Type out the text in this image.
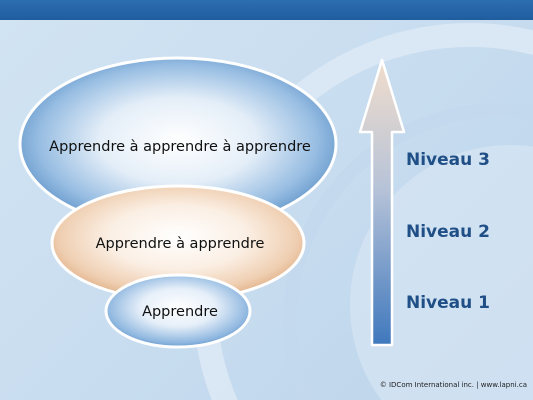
Apprendre à apprendre à apprendre
Apprendre à apprendre
Apprendre
Niveau 3
Niveau 2
Niveau 1
© IDCom International inc. | www.lapni.ca
